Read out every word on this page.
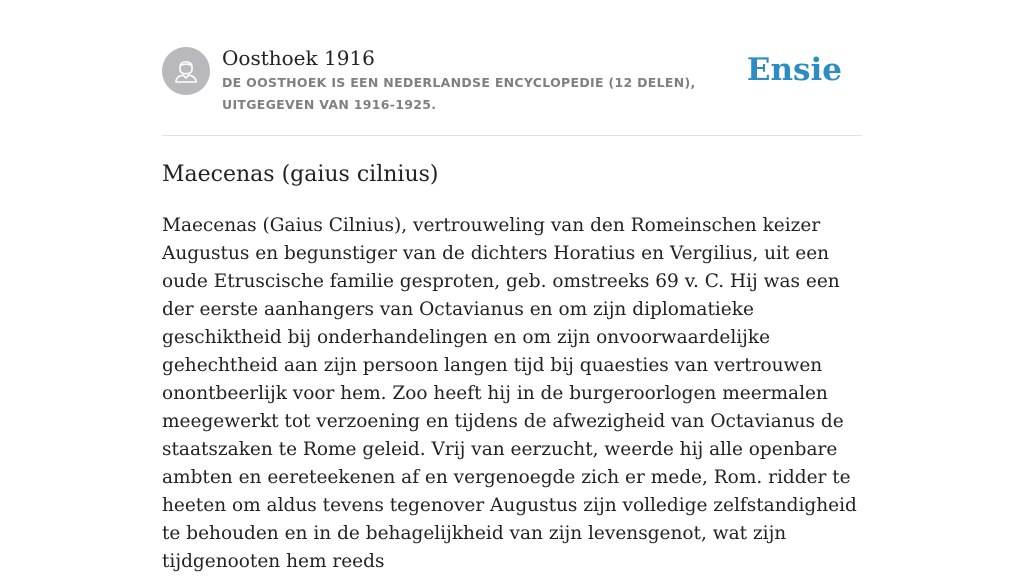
Oosthoek 1916
DE OOSTHOEK IS EEN NEDERLANDSE ENCYCLOPEDIE (12 DELEN), UITGEGEVEN VAN 1916-1925.
Ensie
Maecenas (gaius cilnius)

Maecenas (Gaius Cilnius), vertrouweling van den Romeinschen keizer Augustus en begunstiger van de dichters Horatius en Vergilius, uit een oude Etruscische familie gesproten, geb. omstreeks 69 v. C. Hij was een der eerste aanhangers van Octavianus en om zijn diplomatieke geschiktheid bij onderhandelingen en om zijn onvoorwaardelijke gehechtheid aan zijn persoon langen tijd bij quaesties van vertrouwen onontbeerlijk voor hem. Zoo heeft hij in de burgeroorlogen meermalen meegewerkt tot verzoening en tijdens de afwezigheid van Octavianus de staatszaken te Rome geleid. Vrij van eerzucht, weerde hij alle openbare ambten en eereteekenen af en vergenoegde zich er mede, Rom. ridder te heeten om aldus tevens tegenover Augustus zijn volledige zelfstandigheid te behouden en in de behagelijkheid van zijn levensgenot, wat zijn tijdgenooten hem reeds
